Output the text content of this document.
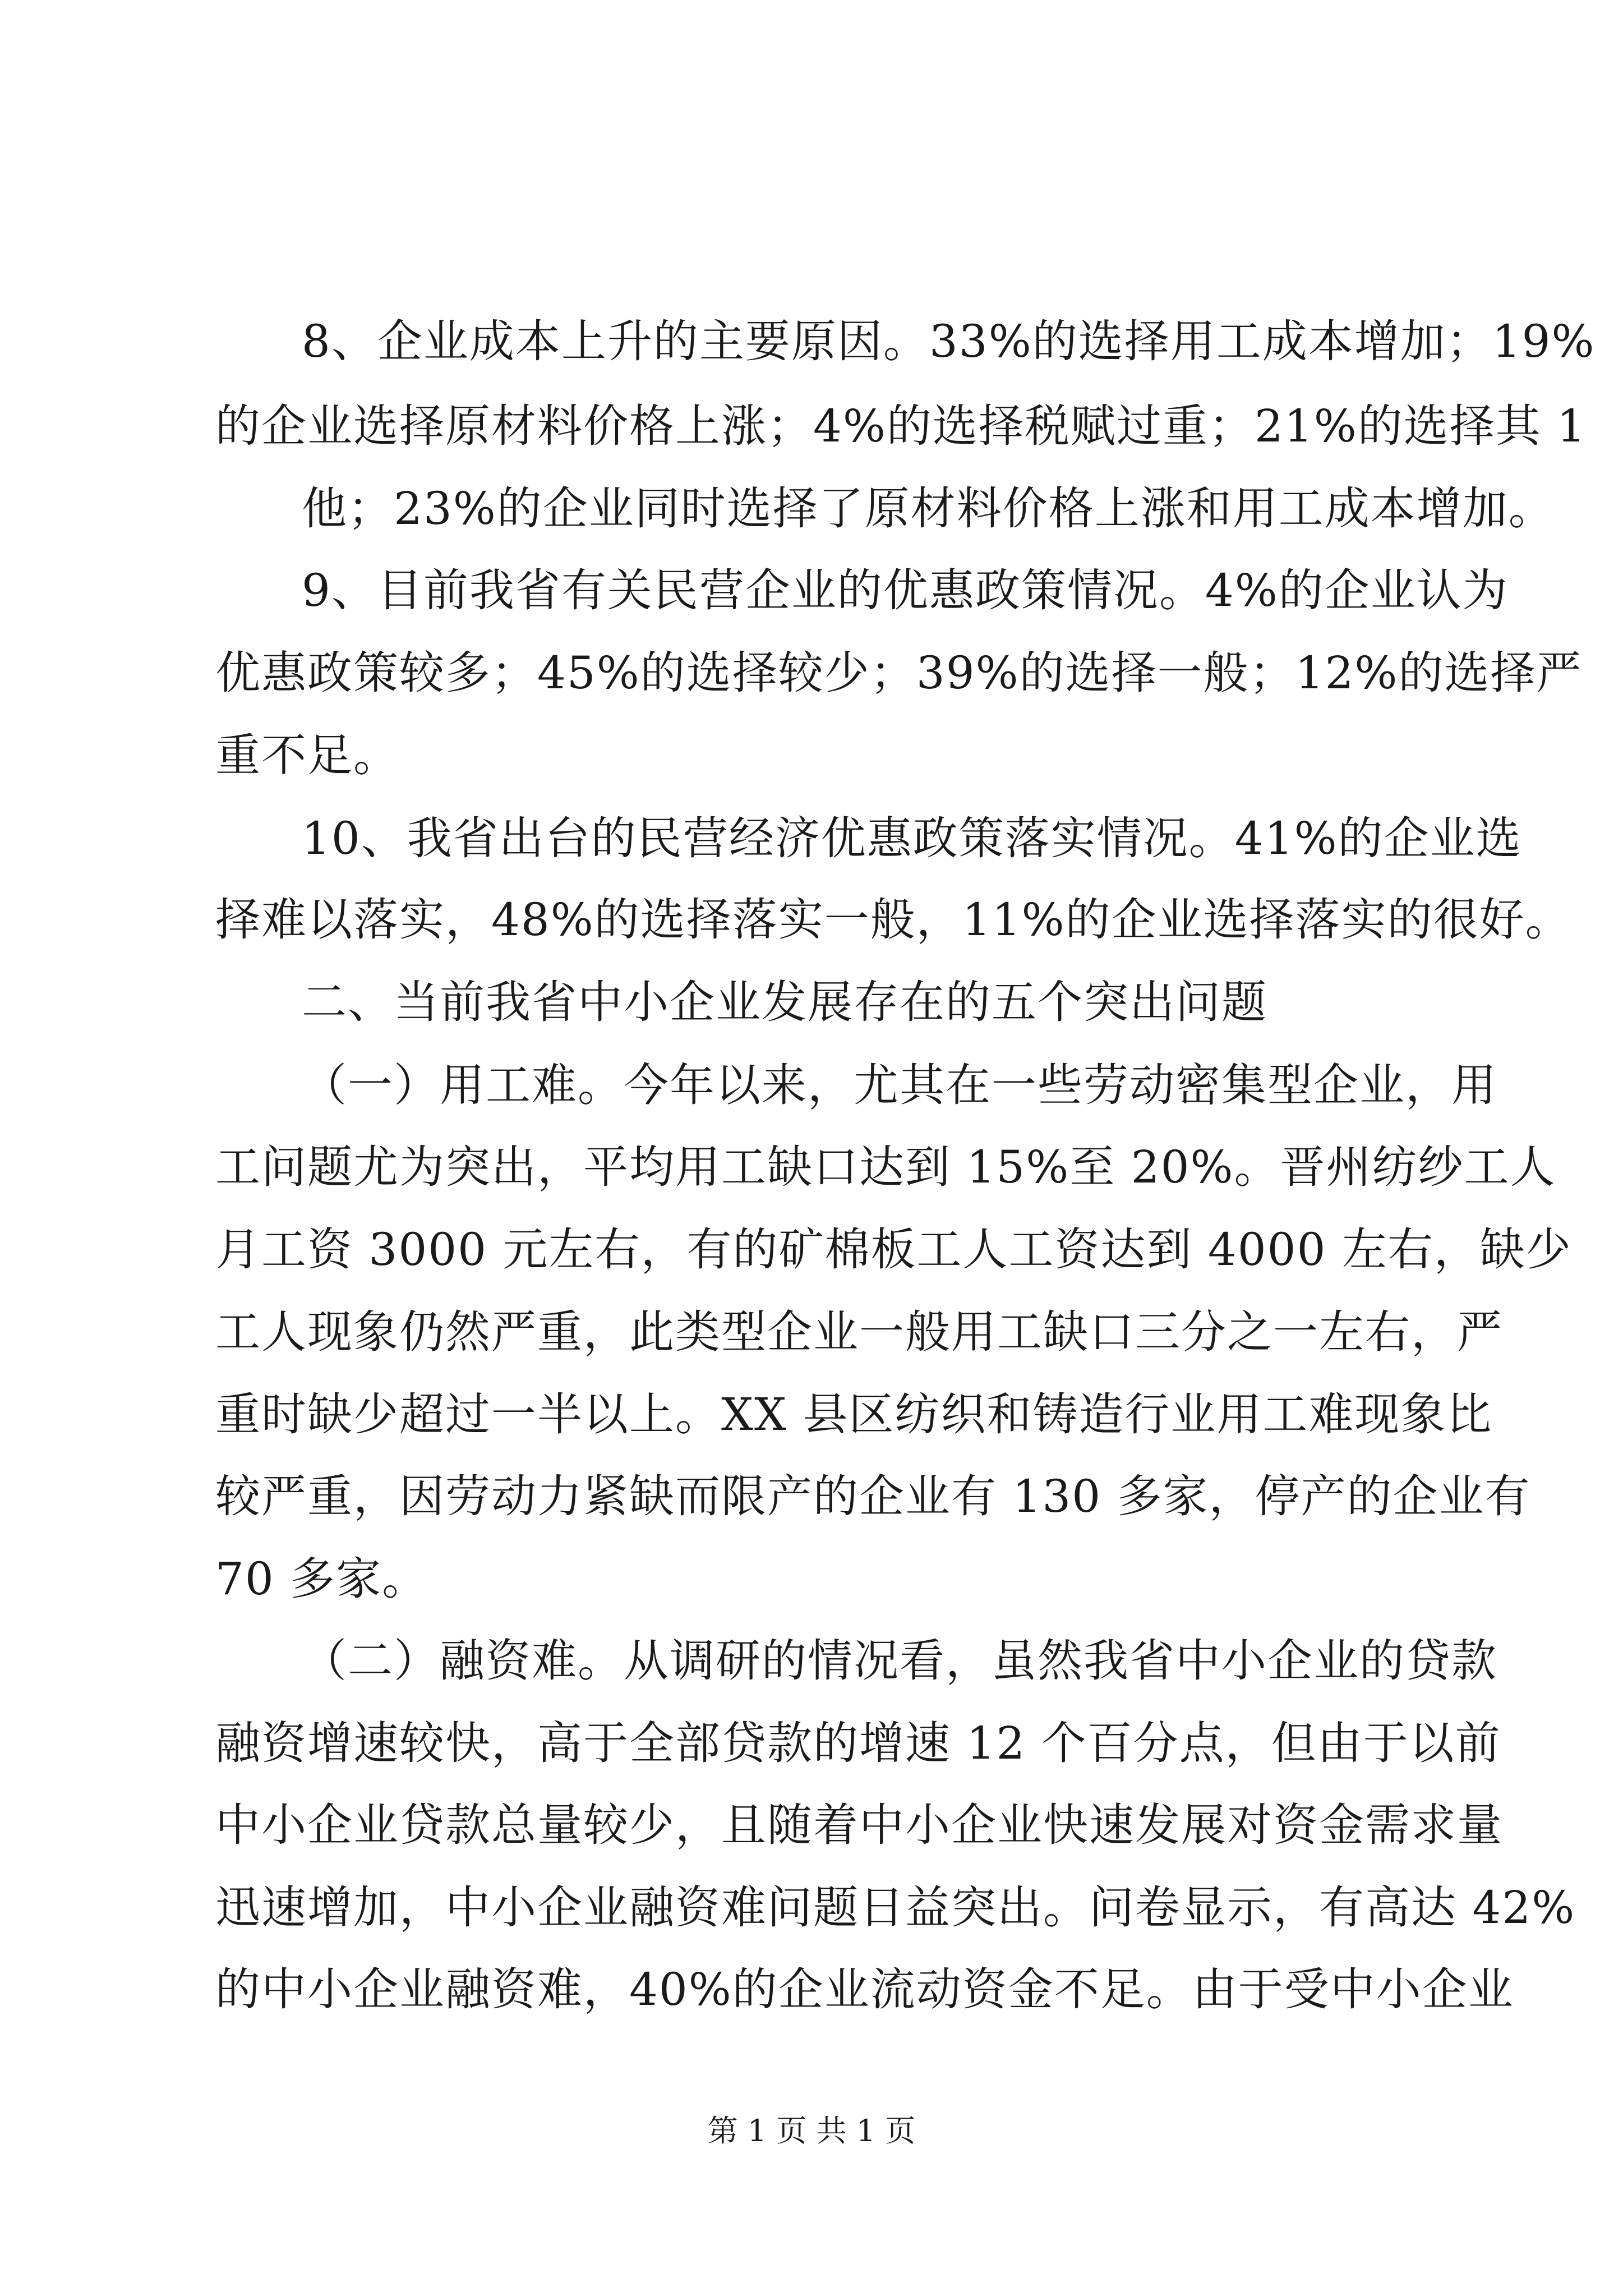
8、企业成本上升的主要原因。33%的选择用工成本增加；19%

的企业选择原材料价格上涨；4%的选择税赋过重；21%的选择其 1

他；23%的企业同时选择了原材料价格上涨和用工成本增加。

9、目前我省有关民营企业的优惠政策情况。4%的企业认为

优惠政策较多；45%的选择较少；39%的选择一般；12%的选择严

重不足。

10、我省出台的民营经济优惠政策落实情况。41%的企业选

择难以落实，48%的选择落实一般，11%的企业选择落实的很好。

二、当前我省中小企业发展存在的五个突出问题

（一）用工难。今年以来，尤其在一些劳动密集型企业，用

工问题尤为突出，平均用工缺口达到 15%至 20%。晋州纺纱工人

月工资 3000 元左右，有的矿棉板工人工资达到 4000 左右，缺少

工人现象仍然严重，此类型企业一般用工缺口三分之一左右，严

重时缺少超过一半以上。XX 县区纺织和铸造行业用工难现象比

较严重，因劳动力紧缺而限产的企业有 130 多家，停产的企业有

70 多家。

（二）融资难。从调研的情况看，虽然我省中小企业的贷款

融资增速较快，高于全部贷款的增速 12 个百分点，但由于以前

中小企业贷款总量较少，且随着中小企业快速发展对资金需求量

迅速增加，中小企业融资难问题日益突出。问卷显示，有高达 42%

的中小企业融资难，40%的企业流动资金不足。由于受中小企业

第 1 页 共 1 页
